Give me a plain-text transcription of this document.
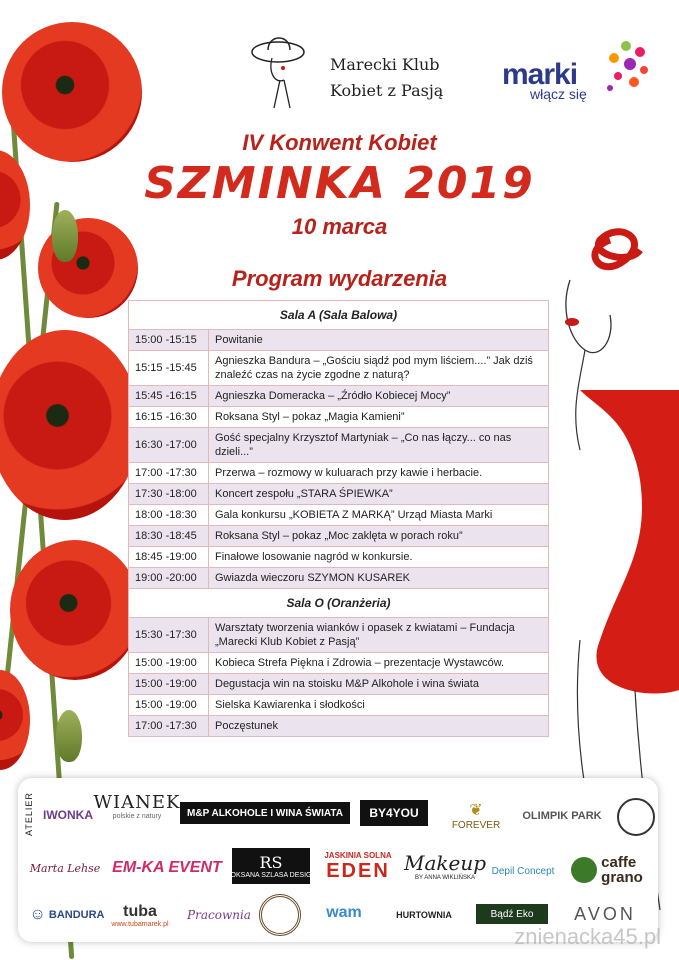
Marecki Klub
Kobiet z Pasją marki
włącz się
IV Konwent Kobiet
SZMINKA 2019
10 marca
Program wydarzenia
Sala A (Sala Balowa)	
15:00 -15:15	Powitanie
15:15 -15:45	Agnieszka Bandura – „Gościu siądź pod mym liściem....” Jak dziś znaleźć czas na życie zgodne z naturą?
15:45 -16:15	Agnieszka Domeracka – „Źródło Kobiecej Mocy”
16:15 -16:30	Roksana Styl – pokaz „Magia Kamieni”
16:30 -17:00	Gość specjalny Krzysztof Martyniak – „Co nas łączy... co nas dzieli...”
17:00 -17:30	Przerwa – rozmowy w kuluarach przy kawie i herbacie.
17:30 -18:00	Koncert zespołu „STARA ŚPIEWKA”
18:00 -18:30	Gala konkursu „KOBIETA Z MARKĄ” Urząd Miasta Marki
18:30 -18:45	Roksana Styl – pokaz „Moc zaklęta w porach roku”
18:45 -19:00	Finałowe losowanie nagród w konkursie.
19:00 -20:00	Gwiazda wieczoru SZYMON KUSAREK
Sala O (Oranżeria)	
15:30 -17:30	Warsztaty tworzenia wianków i opasek z kwiatami – Fundacja „Marecki Klub Kobiet z Pasją”
15:00 -19:00	Kobieca Strefa Piękna i Zdrowia – prezentacje Wystawców.
15:00 -19:00	Degustacja win na stoisku M&P Alkohole i wina świata
15:00 -19:00	Sielska Kawiarenka i słodkości
17:00 -17:30	Poczęstunek
ATELIER IWONKA
WIANEK
polskie z natury	M&P ALKOHOLE I WINA ŚWIATA	BY4YOU	❦
FOREVER
OLIMPIK PARK
Marta Lehse EM-KA EVENT RS
ROKSANA SZLASA DESIGN
JASKINIA SOLNA
EDEN Makeup
BY ANNA WIKLIŃSKA
Depil Concept	caffe
grano
☺ BANDURA tuba
www.tubamarek.pl
Pracownia	wam	HURTOWNIA	Bądź Eko	AVON
znienacka45.pl
